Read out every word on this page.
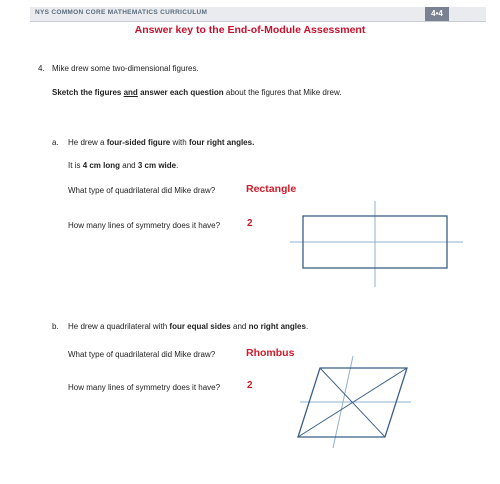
NYS COMMON CORE MATHEMATICS CURRICULUM	4•4
Answer key to the End-of-Module Assessment
4. Mike drew some two-dimensional figures.
Sketch the figures and answer each question about the figures that Mike drew.
a. He drew a four-sided figure with four right angles.
It is 4 cm long and 3 cm wide.
What type of quadrilateral did Mike draw?	Rectangle
How many lines of symmetry does it have?	2
b. He drew a quadrilateral with four equal sides and no right angles.
What type of quadrilateral did Mike draw?	Rhombus
How many lines of symmetry does it have?	2
